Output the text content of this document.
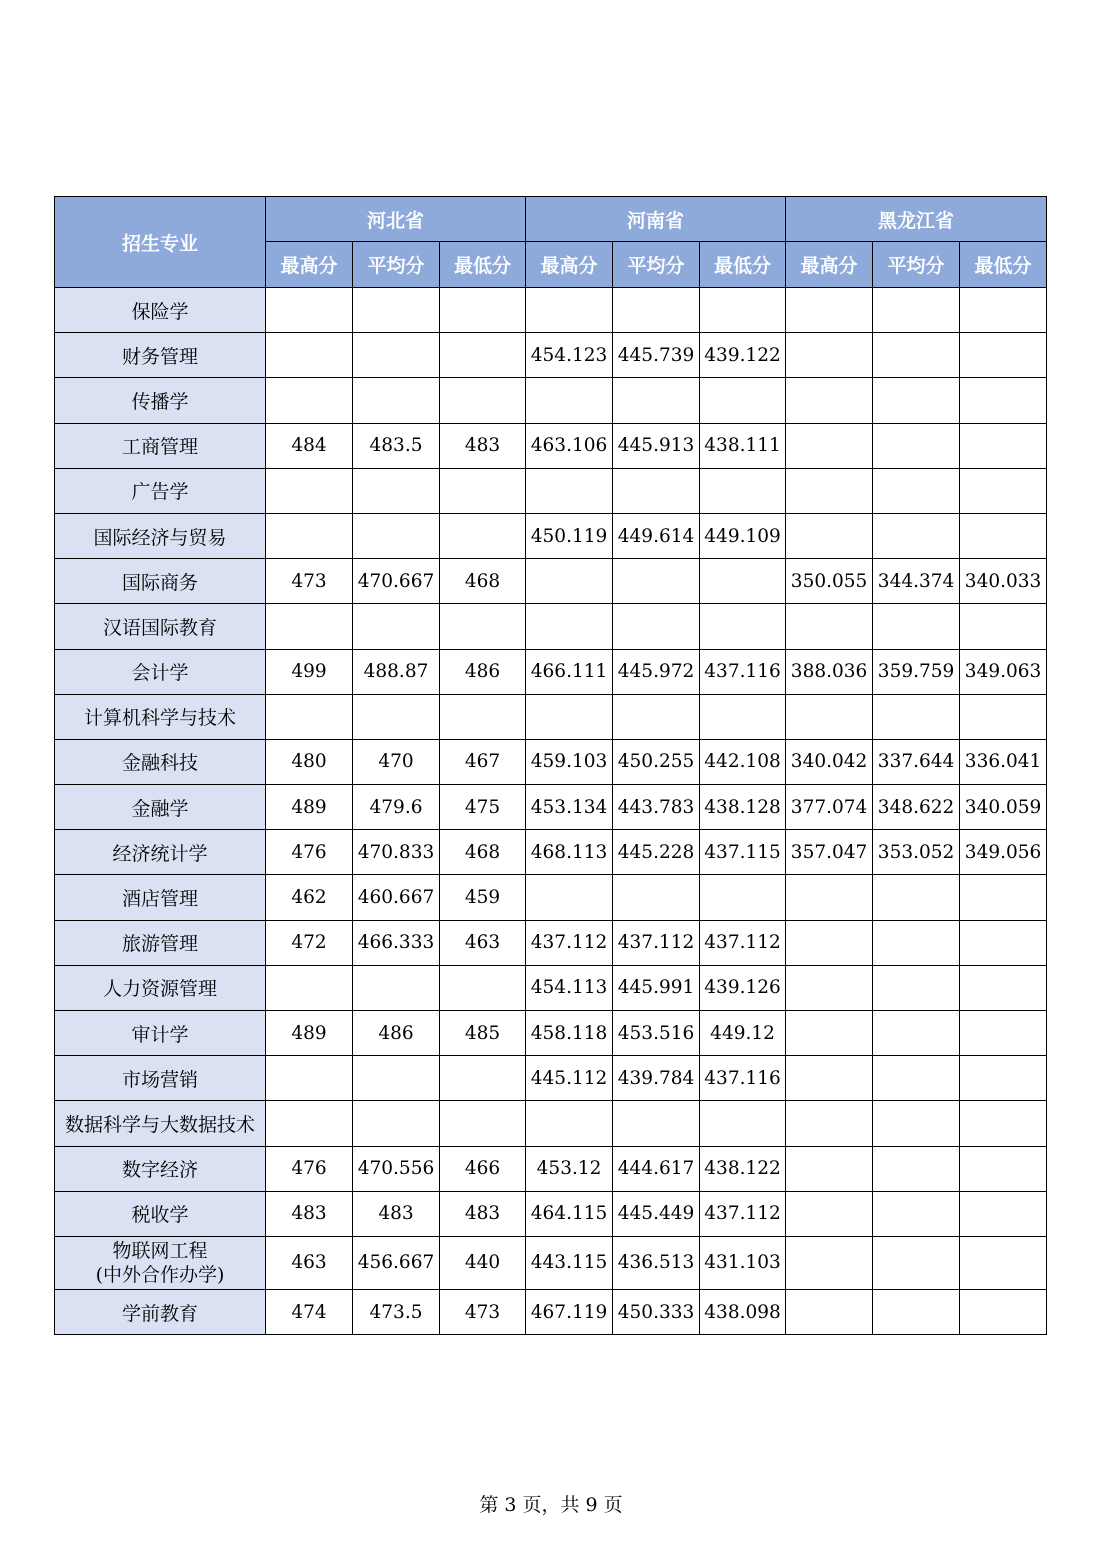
招生专业	河北省			河南省			黑龙江省		
	最高分	平均分	最低分	最高分	平均分	最低分	最高分	平均分	最低分
保险学									
财务管理				454.123	445.739	439.122			
传播学									
工商管理	484	483.5	483	463.106	445.913	438.111			
广告学									
国际经济与贸易				450.119	449.614	449.109			
国际商务	473	470.667	468				350.055	344.374	340.033
汉语国际教育									
会计学	499	488.87	486	466.111	445.972	437.116	388.036	359.759	349.063
计算机科学与技术									
金融科技	480	470	467	459.103	450.255	442.108	340.042	337.644	336.041
金融学	489	479.6	475	453.134	443.783	438.128	377.074	348.622	340.059
经济统计学	476	470.833	468	468.113	445.228	437.115	357.047	353.052	349.056
酒店管理	462	460.667	459						
旅游管理	472	466.333	463	437.112	437.112	437.112			
人力资源管理				454.113	445.991	439.126			
审计学	489	486	485	458.118	453.516	449.12			
市场营销				445.112	439.784	437.116			
数据科学与大数据技术									
数字经济	476	470.556	466	453.12	444.617	438.122			
税收学	483	483	483	464.115	445.449	437.112			
物联网工程
(中外合作办学)	463	456.667	440	443.115	436.513	431.103			
学前教育	474	473.5	473	467.119	450.333	438.098			
第 3 页，共 9 页
